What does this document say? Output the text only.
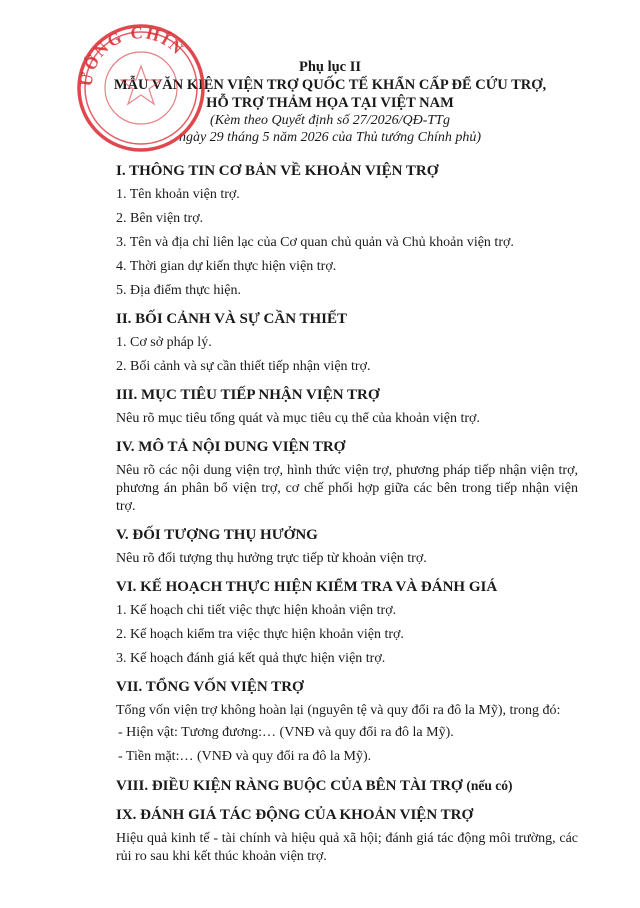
ƯỚNG CHÍN
Phụ lục II
MẪU VĂN KIỆN VIỆN TRỢ QUỐC TẾ KHẨN CẤP ĐỂ CỨU TRỢ,
HỖ TRỢ THẢM HỌA TẠI VIỆT NAM
(Kèm theo Quyết định số 27/2026/QĐ-TTg
ngày 29 tháng 5 năm 2026 của Thủ tướng Chính phủ)
I. THÔNG TIN CƠ BẢN VỀ KHOẢN VIỆN TRỢ
1. Tên khoản viện trợ.
2. Bên viện trợ.
3. Tên và địa chỉ liên lạc của Cơ quan chủ quản và Chủ khoản viện trợ.
4. Thời gian dự kiến thực hiện viện trợ.
5. Địa điểm thực hiện.
II. BỐI CẢNH VÀ SỰ CẦN THIẾT
1. Cơ sở pháp lý.
2. Bối cảnh và sự cần thiết tiếp nhận viện trợ.
III. MỤC TIÊU TIẾP NHẬN VIỆN TRỢ
Nêu rõ mục tiêu tổng quát và mục tiêu cụ thể của khoản viện trợ.
IV. MÔ TẢ NỘI DUNG VIỆN TRỢ
Nêu rõ các nội dung viện trợ, hình thức viện trợ, phương pháp tiếp nhận viện trợ, phương án phân bổ viện trợ, cơ chế phối hợp giữa các bên trong tiếp nhận viện trợ.
V. ĐỐI TƯỢNG THỤ HƯỞNG
Nêu rõ đối tượng thụ hưởng trực tiếp từ khoản viện trợ.
VI. KẾ HOẠCH THỰC HIỆN KIỂM TRA VÀ ĐÁNH GIÁ
1. Kế hoạch chi tiết việc thực hiện khoản viện trợ.
2. Kế hoạch kiểm tra việc thực hiện khoản viện trợ.
3. Kế hoạch đánh giá kết quả thực hiện viện trợ.
VII. TỔNG VỐN VIỆN TRỢ
Tổng vốn viện trợ không hoàn lại (nguyên tệ và quy đổi ra đô la Mỹ), trong đó:
- Hiện vật: Tương đương:… (VNĐ và quy đổi ra đô la Mỹ).
- Tiền mặt:… (VNĐ và quy đổi ra đô la Mỹ).
VIII. ĐIỀU KIỆN RÀNG BUỘC CỦA BÊN TÀI TRỢ (nếu có)
IX. ĐÁNH GIÁ TÁC ĐỘNG CỦA KHOẢN VIỆN TRỢ
Hiệu quả kinh tế - tài chính và hiệu quả xã hội; đánh giá tác động môi trường, các rủi ro sau khi kết thúc khoản viện trợ.
